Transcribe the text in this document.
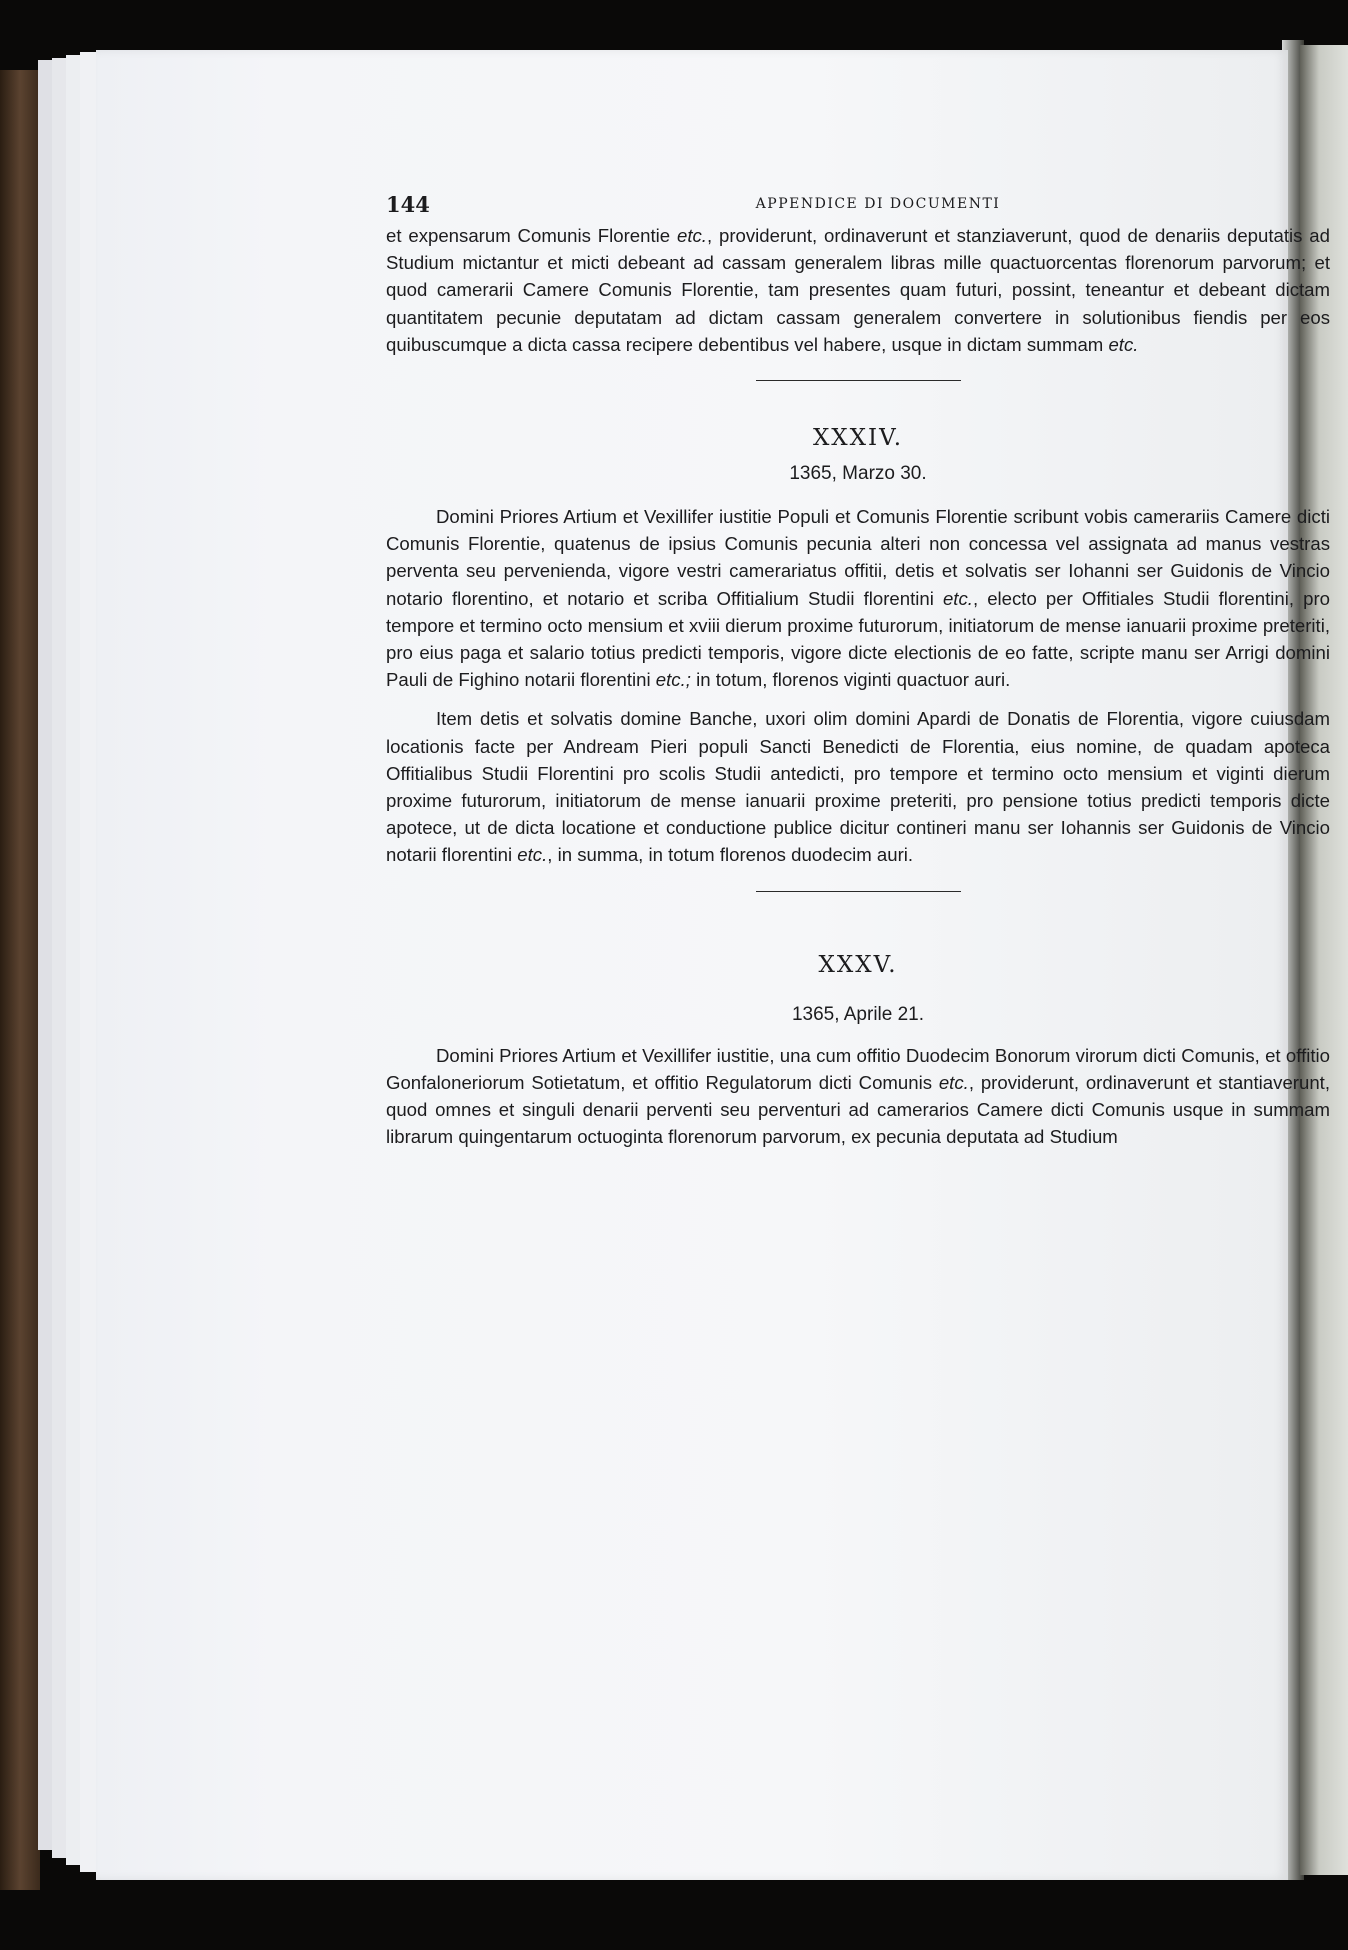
144	APPENDICE DI DOCUMENTI

et expensarum Comunis Florentie etc., providerunt, ordinaverunt et stanziaverunt, quod de denariis deputatis ad Studium mictantur et micti debeant ad cassam generalem libras mille quactuorcentas florenorum parvorum; et quod camerarii Camere Comunis Florentie, tam presentes quam futuri, possint, teneantur et debeant dictam quantitatem pecunie deputatam ad dictam cassam generalem convertere in solutionibus fiendis per eos quibuscumque a dicta cassa recipere debentibus vel habere, usque in dictam summam etc.

XXXIV.
1365, Marzo 30.

Domini Priores Artium et Vexillifer iustitie Populi et Comunis Florentie scribunt vobis camerariis Camere dicti Comunis Florentie, quatenus de ipsius Comunis pecunia alteri non concessa vel assignata ad manus vestras perventa seu pervenienda, vigore vestri camerariatus offitii, detis et solvatis ser Iohanni ser Guidonis de Vincio notario florentino, et notario et scriba Offitialium Studii florentini etc., electo per Offitiales Studii florentini, pro tempore et termino octo mensium et xviii dierum proxime futurorum, initiatorum de mense ianuarii proxime preteriti, pro eius paga et salario totius predicti temporis, vigore dicte electionis de eo fatte, scripte manu ser Arrigi domini Pauli de Fighino notarii florentini etc.; in totum, florenos viginti quactuor auri.

Item detis et solvatis domine Banche, uxori olim domini Apardi de Donatis de Florentia, vigore cuiusdam locationis facte per Andream Pieri populi Sancti Benedicti de Florentia, eius nomine, de quadam apoteca Offitialibus Studii Florentini pro scolis Studii antedicti, pro tempore et termino octo mensium et viginti dierum proxime futurorum, initiatorum de mense ianuarii proxime preteriti, pro pensione totius predicti temporis dicte apotece, ut de dicta locatione et conductione publice dicitur contineri manu ser Iohannis ser Guidonis de Vincio notarii florentini etc., in summa, in totum florenos duodecim auri.

XXXV.
1365, Aprile 21.

Domini Priores Artium et Vexillifer iustitie, una cum offitio Duodecim Bonorum virorum dicti Comunis, et offitio Gonfaloneriorum Sotietatum, et offitio Regulatorum dicti Comunis etc., providerunt, ordinaverunt et stantiaverunt, quod omnes et singuli denarii perventi seu perventuri ad camerarios Camere dicti Comunis usque in summam librarum quingentarum octuoginta florenorum parvorum, ex pecunia deputata ad Studium
